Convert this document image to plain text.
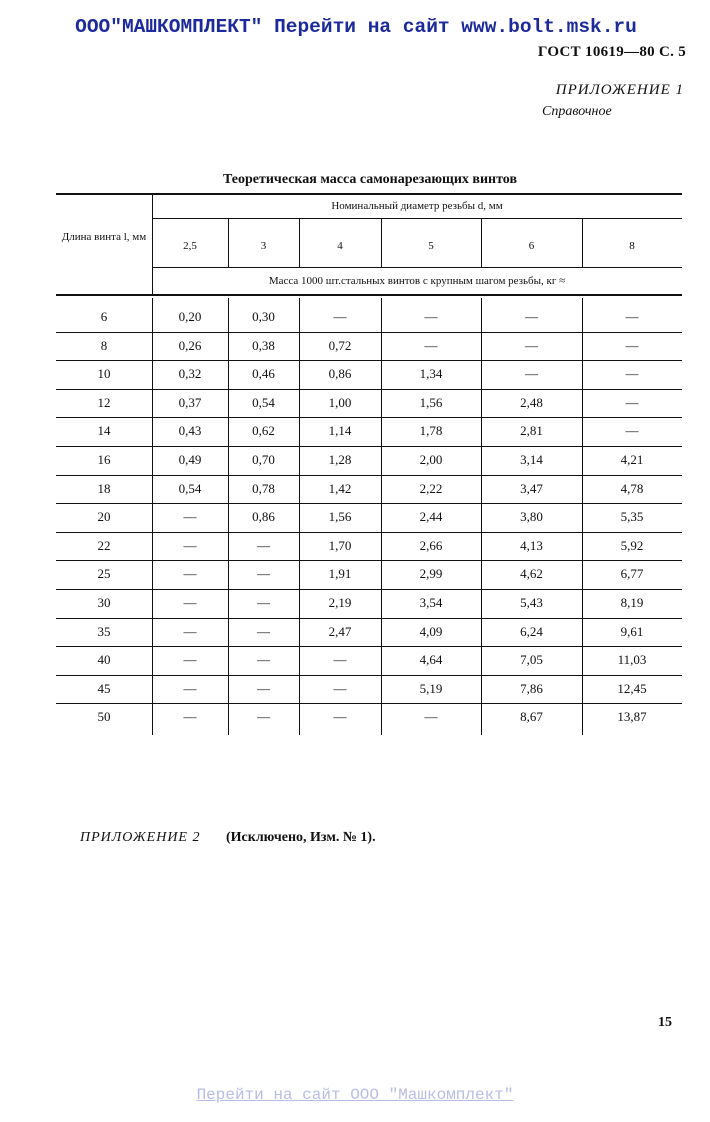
ООО"МАШКОМПЛЕКТ" Перейти на сайт www.bolt.msk.ru
ГОСТ 10619—80 С. 5
ПРИЛОЖЕНИЕ 1
Справочное
Теоретическая масса самонарезающих винтов
Длина винта l, мм
Номинальный диаметр резьбы d, мм
Масса 1000 шт.стальных винтов с крупным шагом резьбы, кг ≈
2,5	3	4	5	6	8
6	0,20	0,30	—	—	—	—
8	0,26	0,38	0,72	—	—	—
10	0,32	0,46	0,86	1,34	—	—
12	0,37	0,54	1,00	1,56	2,48	—
14	0,43	0,62	1,14	1,78	2,81	—
16	0,49	0,70	1,28	2,00	3,14	4,21
18	0,54	0,78	1,42	2,22	3,47	4,78
20	—	0,86	1,56	2,44	3,80	5,35
22	—	—	1,70	2,66	4,13	5,92
25	—	—	1,91	2,99	4,62	6,77
30	—	—	2,19	3,54	5,43	8,19
35	—	—	2,47	4,09	6,24	9,61
40	—	—	—	4,64	7,05	11,03
45	—	—	—	5,19	7,86	12,45
50	—	—	—	—	8,67	13,87
ПРИЛОЖЕНИЕ 2 (Исключено, Изм. № 1).
15
Перейти на сайт ООО "Машкомплект"
